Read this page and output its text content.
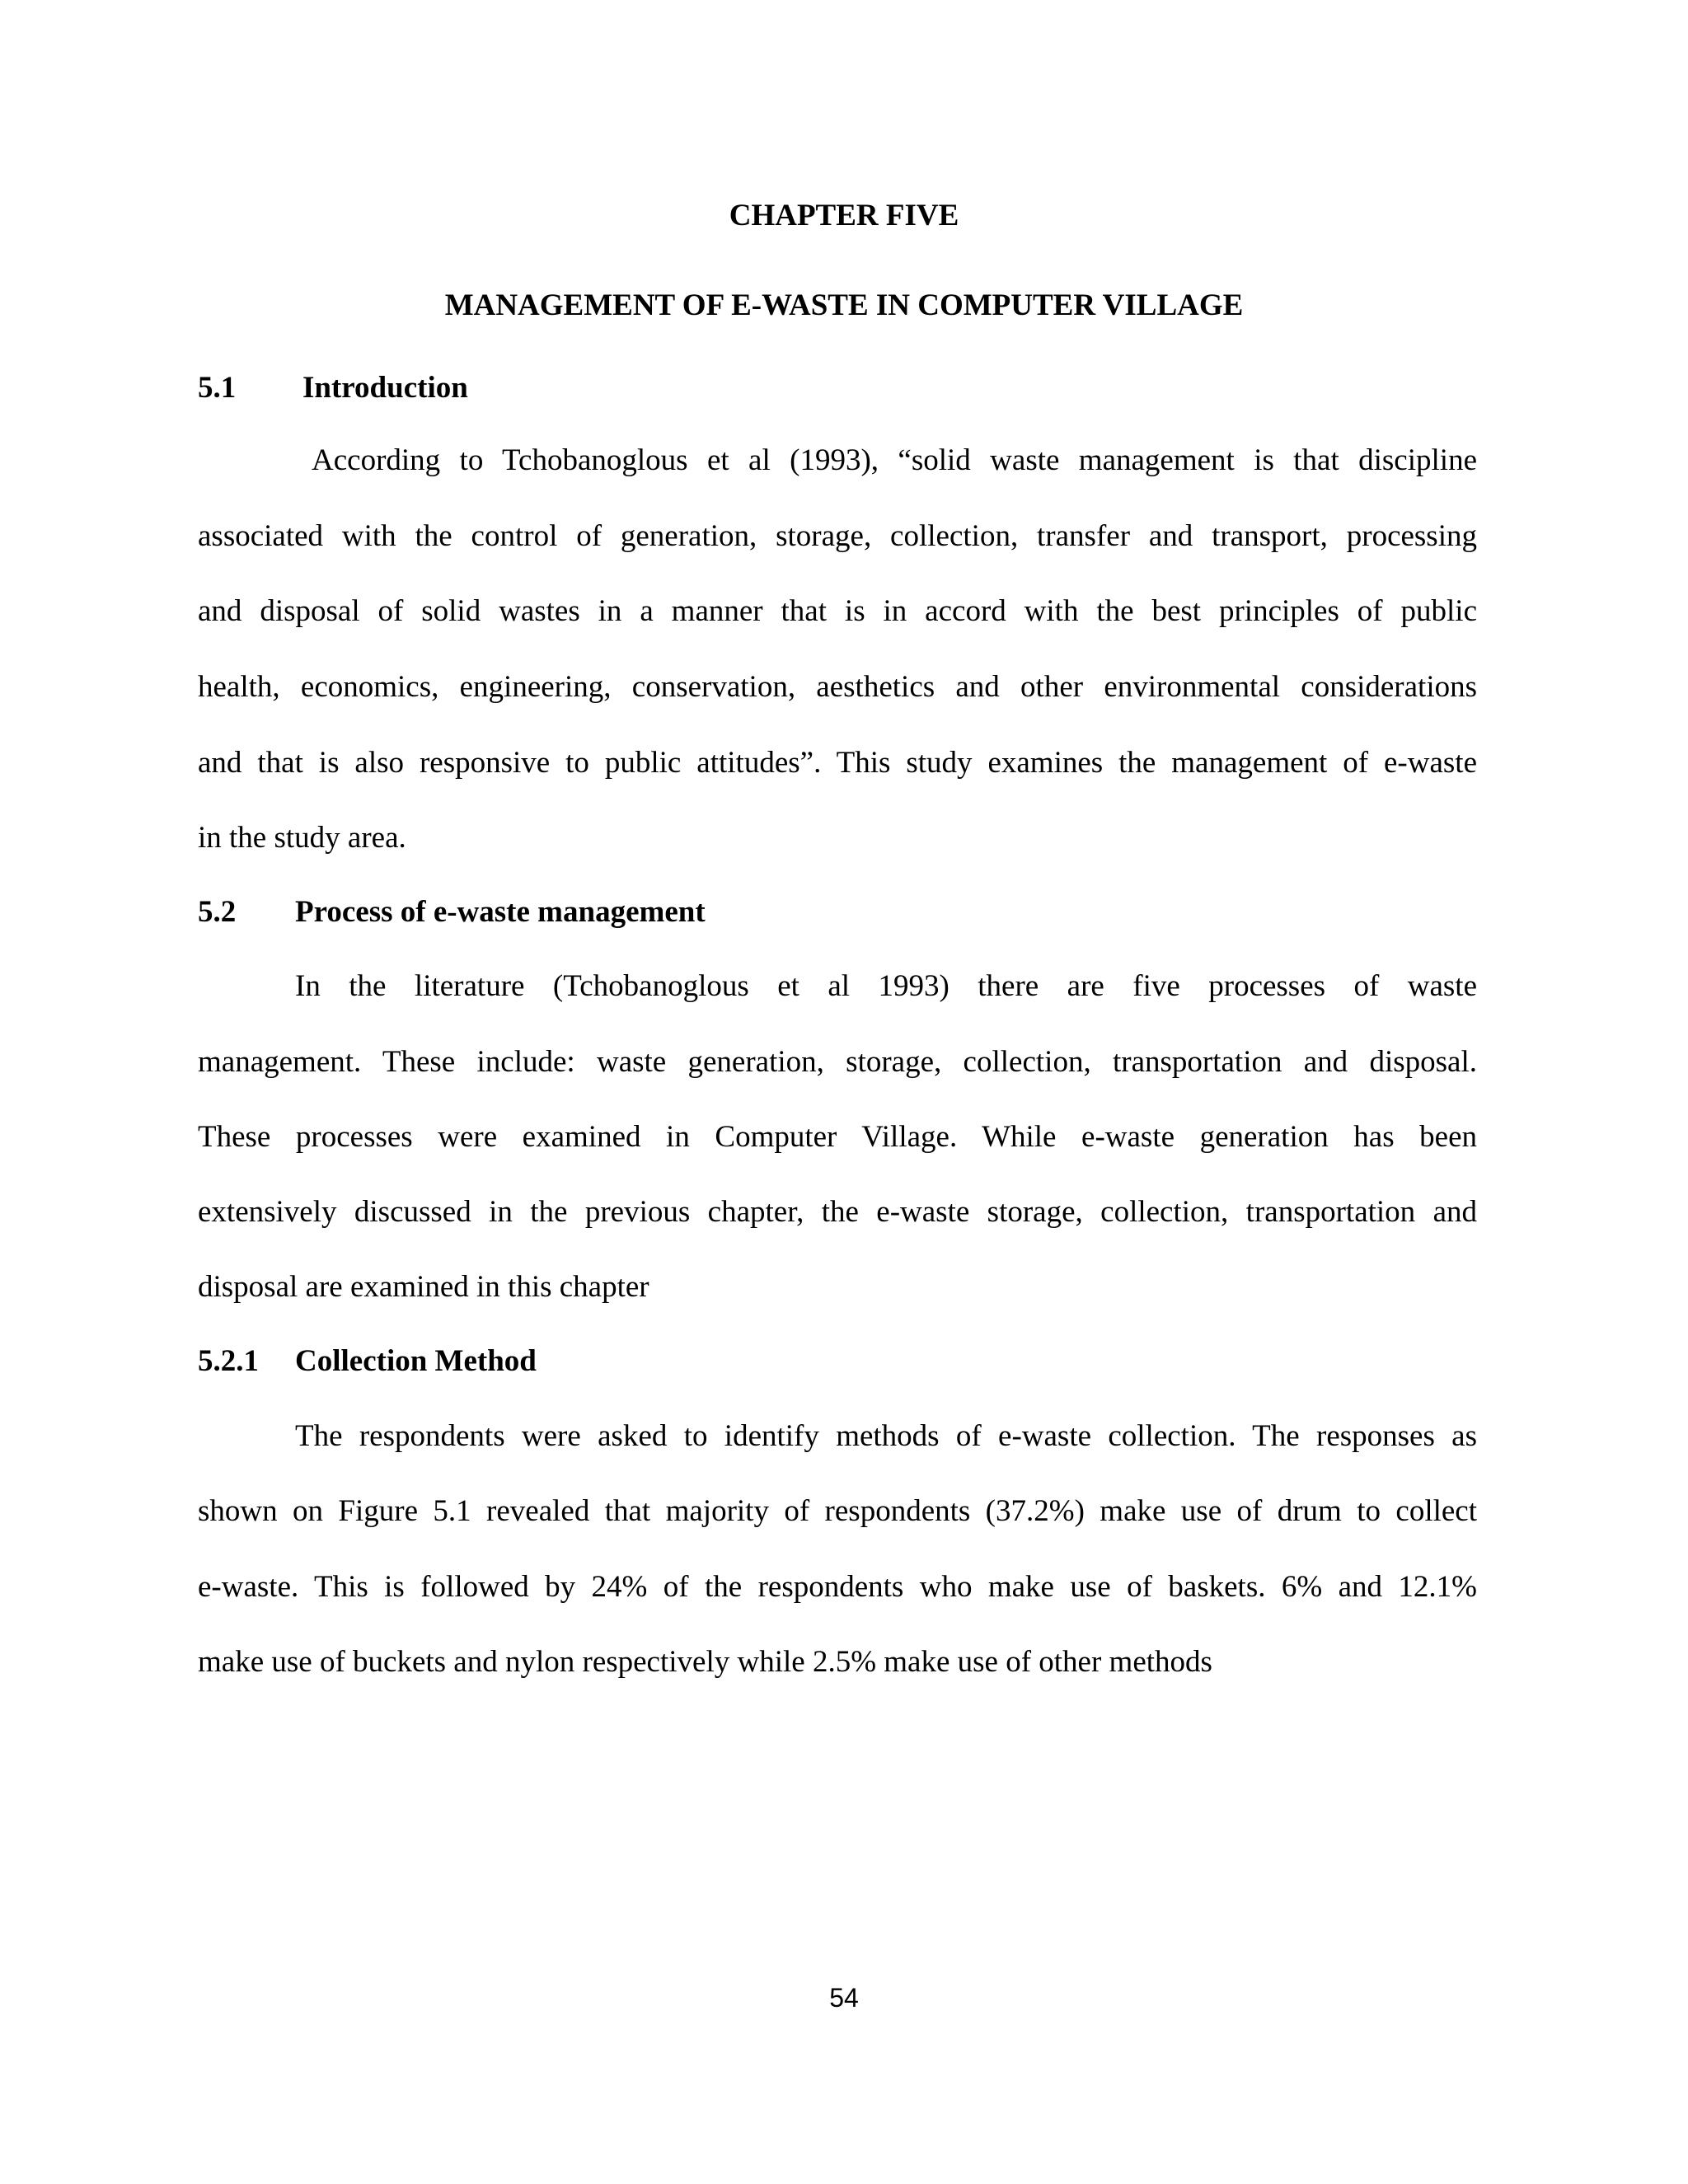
CHAPTER FIVE
MANAGEMENT OF E-WASTE IN COMPUTER VILLAGE
5.1 Introduction
According to Tchobanoglous et al (1993), “solid waste management is that discipline
associated with the control of generation, storage, collection, transfer and transport, processing
and disposal of solid wastes in a manner that is in accord with the best principles of public
health, economics, engineering, conservation, aesthetics and other environmental considerations
and that is also responsive to public attitudes”. This study examines the management of e-waste
in the study area.
5.2 Process of e-waste management
In the literature (Tchobanoglous et al 1993) there are five processes of waste
management. These include: waste generation, storage, collection, transportation and disposal.
These processes were examined in Computer Village. While e-waste generation has been
extensively discussed in the previous chapter, the e-waste storage, collection, transportation and
disposal are examined in this chapter
5.2.1 Collection Method
The respondents were asked to identify methods of e-waste collection. The responses as
shown on Figure 5.1 revealed that majority of respondents (37.2%) make use of drum to collect
e-waste. This is followed by 24% of the respondents who make use of baskets. 6% and 12.1%
make use of buckets and nylon respectively while 2.5% make use of other methods
54
